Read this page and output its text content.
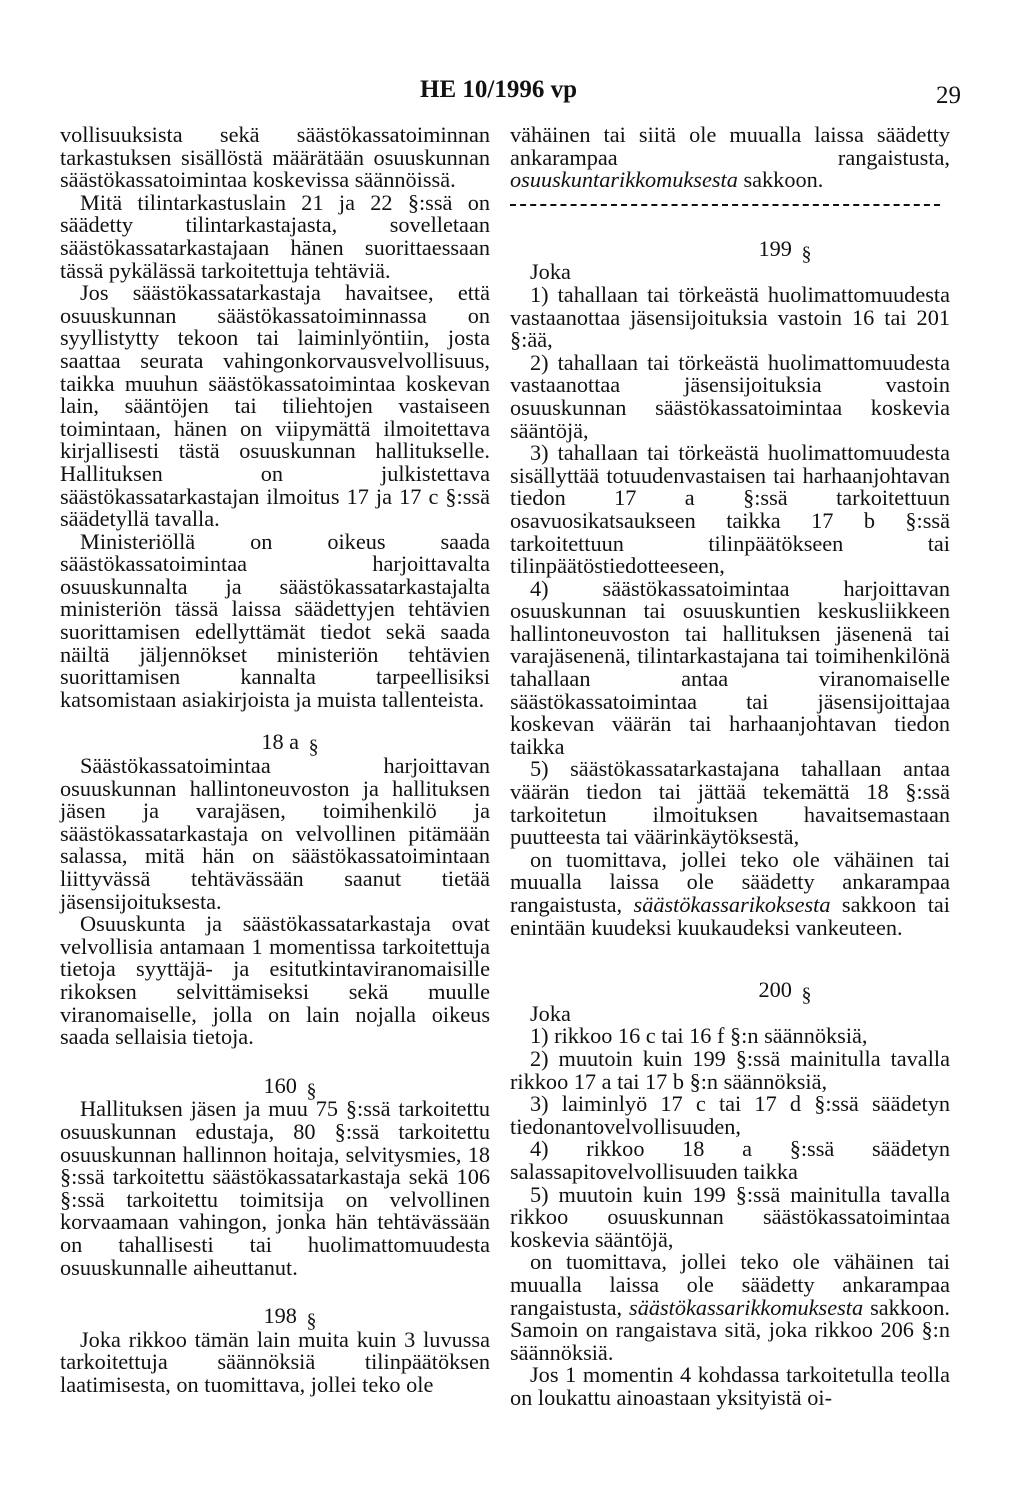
HE 10/1996 vp	29

vollisuuksista sekä säästökassatoiminnan tarkastuksen sisällöstä määrätään osuuskunnan säästökassatoimintaa koskevissa säännöissä.

Mitä tilintarkastuslain 21 ja 22 §:ssä on säädetty tilintarkastajasta, sovelletaan säästökassatarkastajaan hänen suorittaessaan tässä pykälässä tarkoitettuja tehtäviä.

Jos säästökassatarkastaja havaitsee, että osuuskunnan säästökassatoiminnassa on syyllistytty tekoon tai laiminlyöntiin, josta saattaa seurata vahingonkorvausvelvollisuus, taikka muuhun säästökassatoimintaa koskevan lain, sääntöjen tai tiliehtojen vastaiseen toimintaan, hänen on viipymättä ilmoitettava kirjallisesti tästä osuuskunnan hallitukselle. Hallituksen on julkistettava säästökassatarkastajan ilmoitus 17 ja 17 c §:ssä säädetyllä tavalla.

Ministeriöllä on oikeus saada säästökassatoimintaa harjoittavalta osuuskunnalta ja säästökassatarkastajalta ministeriön tässä laissa säädettyjen tehtävien suorittamisen edellyttämät tiedot sekä saada näiltä jäljennökset ministeriön tehtävien suorittamisen kannalta tarpeellisiksi katsomistaan asiakirjoista ja muista tallenteista.

18 a §

Säästökassatoimintaa harjoittavan osuuskunnan hallintoneuvoston ja hallituksen jäsen ja varajäsen, toimihenkilö ja säästökassatarkastaja on velvollinen pitämään salassa, mitä hän on säästökassatoimintaan liittyvässä tehtävässään saanut tietää jäsensijoituksesta.

Osuuskunta ja säästökassatarkastaja ovat velvollisia antamaan 1 momentissa tarkoitettuja tietoja syyttäjä- ja esitutkintaviranomaisille rikoksen selvittämiseksi sekä muulle viranomaiselle, jolla on lain nojalla oikeus saada sellaisia tietoja.

160 §

Hallituksen jäsen ja muu 75 §:ssä tarkoitettu osuuskunnan edustaja, 80 §:ssä tarkoitettu osuuskunnan hallinnon hoitaja, selvitysmies, 18 §:ssä tarkoitettu säästökassatarkastaja sekä 106 §:ssä tarkoitettu toimitsija on velvollinen korvaamaan vahingon, jonka hän tehtävässään on tahallisesti tai huolimattomuudesta osuuskunnalle aiheuttanut.

198 §

Joka rikkoo tämän lain muita kuin 3 luvussa tarkoitettuja säännöksiä tilinpäätöksen laatimisesta, on tuomittava, jollei teko ole

vähäinen tai siitä ole muualla laissa säädetty ankarampaa rangaistusta, osuuskuntarikkomuksesta sakkoon.

199 §

Joka

1) tahallaan tai törkeästä huolimattomuudesta vastaanottaa jäsensijoituksia vastoin 16 tai 201 §:ää,

2) tahallaan tai törkeästä huolimattomuudesta vastaanottaa jäsensijoituksia vastoin osuuskunnan säästökassatoimintaa koskevia sääntöjä,

3) tahallaan tai törkeästä huolimattomuudesta sisällyttää totuudenvastaisen tai harhaanjohtavan tiedon 17 a §:ssä tarkoitettuun osavuosikatsaukseen taikka 17 b §:ssä tarkoitettuun tilinpäätökseen tai tilinpäätöstiedotteeseen,

4) säästökassatoimintaa harjoittavan osuuskunnan tai osuuskuntien keskusliikkeen hallintoneuvoston tai hallituksen jäsenenä tai varajäsenenä, tilintarkastajana tai toimihenkilönä tahallaan antaa viranomaiselle säästökassatoimintaa tai jäsensijoittajaa koskevan väärän tai harhaanjohtavan tiedon taikka

5) säästökassatarkastajana tahallaan antaa väärän tiedon tai jättää tekemättä 18 §:ssä tarkoitetun ilmoituksen havaitsemastaan puutteesta tai väärinkäytöksestä,

on tuomittava, jollei teko ole vähäinen tai muualla laissa ole säädetty ankarampaa rangaistusta, säästökassarikoksesta sakkoon tai enintään kuudeksi kuukaudeksi vankeuteen.

200 §

Joka

1) rikkoo 16 c tai 16 f §:n säännöksiä,

2) muutoin kuin 199 §:ssä mainitulla tavalla rikkoo 17 a tai 17 b §:n säännöksiä,

3) laiminlyö 17 c tai 17 d §:ssä säädetyn tiedonantovelvollisuuden,

4) rikkoo 18 a §:ssä säädetyn salassapitovelvollisuuden taikka

5) muutoin kuin 199 §:ssä mainitulla tavalla rikkoo osuuskunnan säästökassatoimintaa koskevia sääntöjä,

on tuomittava, jollei teko ole vähäinen tai muualla laissa ole säädetty ankarampaa rangaistusta, säästökassarikkomuksesta sakkoon. Samoin on rangaistava sitä, joka rikkoo 206 §:n säännöksiä.

Jos 1 momentin 4 kohdassa tarkoitetulla teolla on loukattu ainoastaan yksityistä oi-
